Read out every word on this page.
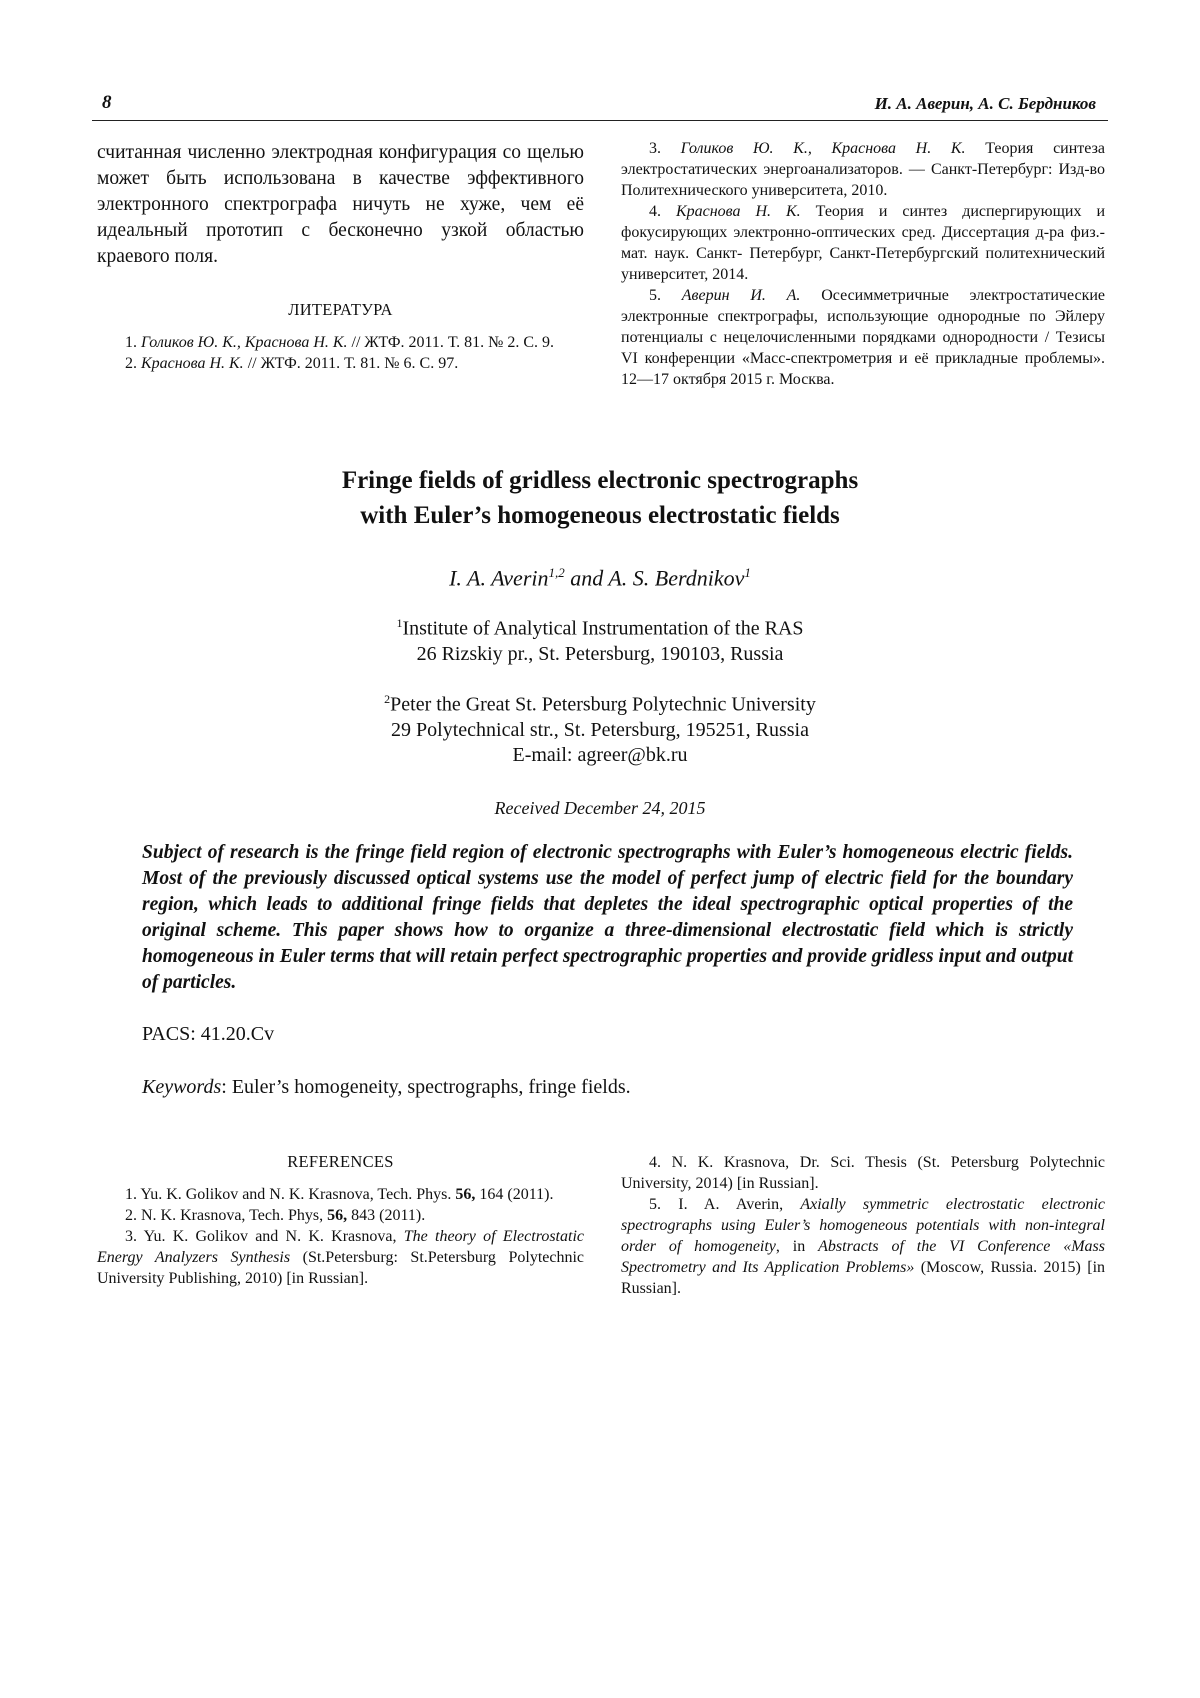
8	И. А. Аверин, А. С. Бердников

считанная численно электродная конфигурация со щелью может быть использована в качестве эффективного электронного спектрографа ничуть не хуже, чем её идеальный прототип с бесконечно узкой областью краевого поля.

ЛИТЕРАТУРА

1. Голиков Ю. К., Краснова Н. К. // ЖТФ. 2011. Т. 81. № 2. С. 9.

2. Краснова Н. К. // ЖТФ. 2011. Т. 81. № 6. С. 97.

3. Голиков Ю. К., Краснова Н. К. Теория синтеза электростатических энергоанализаторов. — Санкт-Петербург: Изд-во Политехнического университета, 2010.

4. Краснова Н. К. Теория и синтез диспергирующих и фокусирующих электронно-оптических сред. Диссертация д-ра физ.-мат. наук. Санкт- Петербург, Санкт-Петербургский политехнический университет, 2014.

5. Аверин И. А. Осесимметричные электростатические электронные спектрографы, использующие однородные по Эйлеру потенциалы с нецелочисленными порядками однородности / Тезисы VI конференции «Масс-спектрометрия и её прикладные проблемы». 12—17 октября 2015 г. Москва.

Fringe fields of gridless electronic spectrographs
with Euler’s homogeneous electrostatic fields

I. A. Averin$^{1,2}$ and A. S. Berdnikov$^1$
$^1$Institute of Analytical Instrumentation of the RAS
26 Rizskiy pr., St. Petersburg, 190103, Russia
$^2$Peter the Great St. Petersburg Polytechnic University
29 Polytechnical str., St. Petersburg, 195251, Russia
E-mail: agreer@bk.ru
Received December 24, 2015

Subject of research is the fringe field region of electronic spectrographs with Euler’s homogeneous electric fields. Most of the previously discussed optical systems use the model of perfect jump of electric field for the boundary region, which leads to additional fringe fields that depletes the ideal spectrographic optical properties of the original scheme. This paper shows how to organize a three-dimensional electrostatic field which is strictly homogeneous in Euler terms that will retain perfect spectrographic properties and provide gridless input and output of particles.

PACS: 41.20.Cv
Keywords: Euler’s homogeneity, spectrographs, fringe fields.
REFERENCES

1. Yu. K. Golikov and N. K. Krasnova, Tech. Phys. 56, 164 (2011).

2. N. K. Krasnova, Tech. Phys, 56, 843 (2011).

3. Yu. K. Golikov and N. K. Krasnova, The theory of Electrostatic Energy Analyzers Synthesis (St.Petersburg: St.Petersburg Polytechnic University Publishing, 2010) [in Russian].

4. N. K. Krasnova, Dr. Sci. Thesis (St. Petersburg Polytechnic University, 2014) [in Russian].

5. I. A. Averin, Axially symmetric electrostatic electronic spectrographs using Euler’s homogeneous potentials with non-integral order of homogeneity, in Abstracts of the VI Conference «Mass Spectrometry and Its Application Problems» (Moscow, Russia. 2015) [in Russian].
